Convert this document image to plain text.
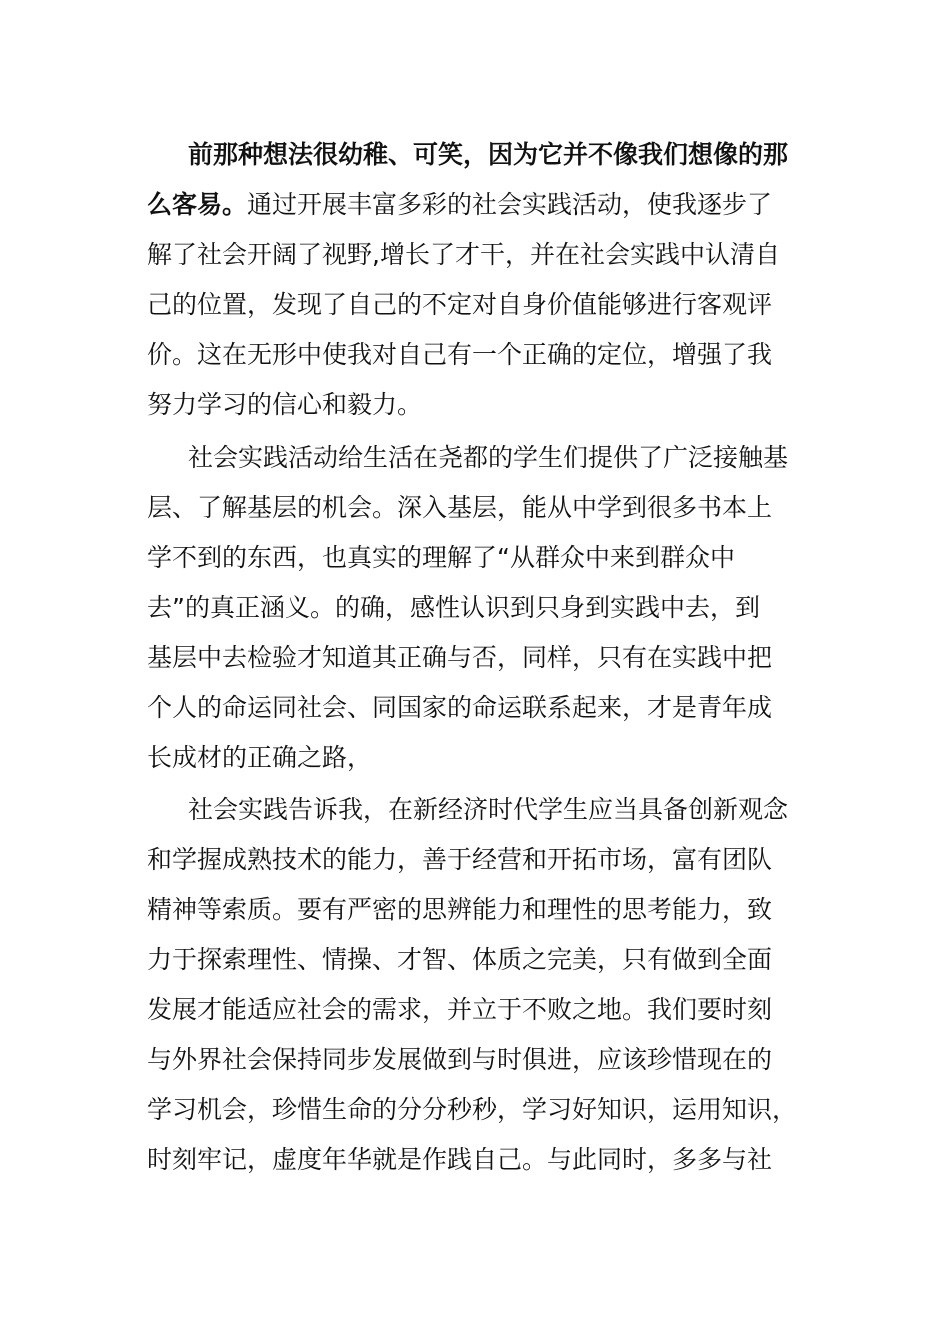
前那种想法很幼稚、可笑，因为它并不像我们想像的那
么客易。通过开展丰富多彩的社会实践活动，使我逐步了
解了社会开阔了视野,增长了才干，并在社会实践中认清自
己的位置，发现了自己的不定对自身价值能够进行客观评
价。这在无形中使我对自己有一个正确的定位，增强了我
努力学习的信心和毅力。
社会实践活动给生活在尧都的学生们提供了广泛接触基
层、了解基层的机会。深入基层，能从中学到很多书本上
学不到的东西，也真实的理解了“从群众中来到群众中
去”的真正涵义。的确，感性认识到只身到实践中去，到
基层中去检验才知道其正确与否，同样，只有在实践中把
个人的命运同社会、同国家的命运联系起来，才是青年成
长成材的正确之路，
社会实践告诉我，在新经济时代学生应当具备创新观念
和学握成熟技术的能力，善于经营和开拓市场，富有团队
精神等索质。要有严密的思辨能力和理性的思考能力，致
力于探索理性、情操、才智、体质之完美，只有做到全面
发展才能适应社会的需求，并立于不败之地。我们要时刻
与外界社会保持同步发展做到与时俱进，应该珍惜现在的
学习机会，珍惜生命的分分秒秒，学习好知识，运用知识，
时刻牢记，虚度年华就是作践自己。与此同时，多多与社
